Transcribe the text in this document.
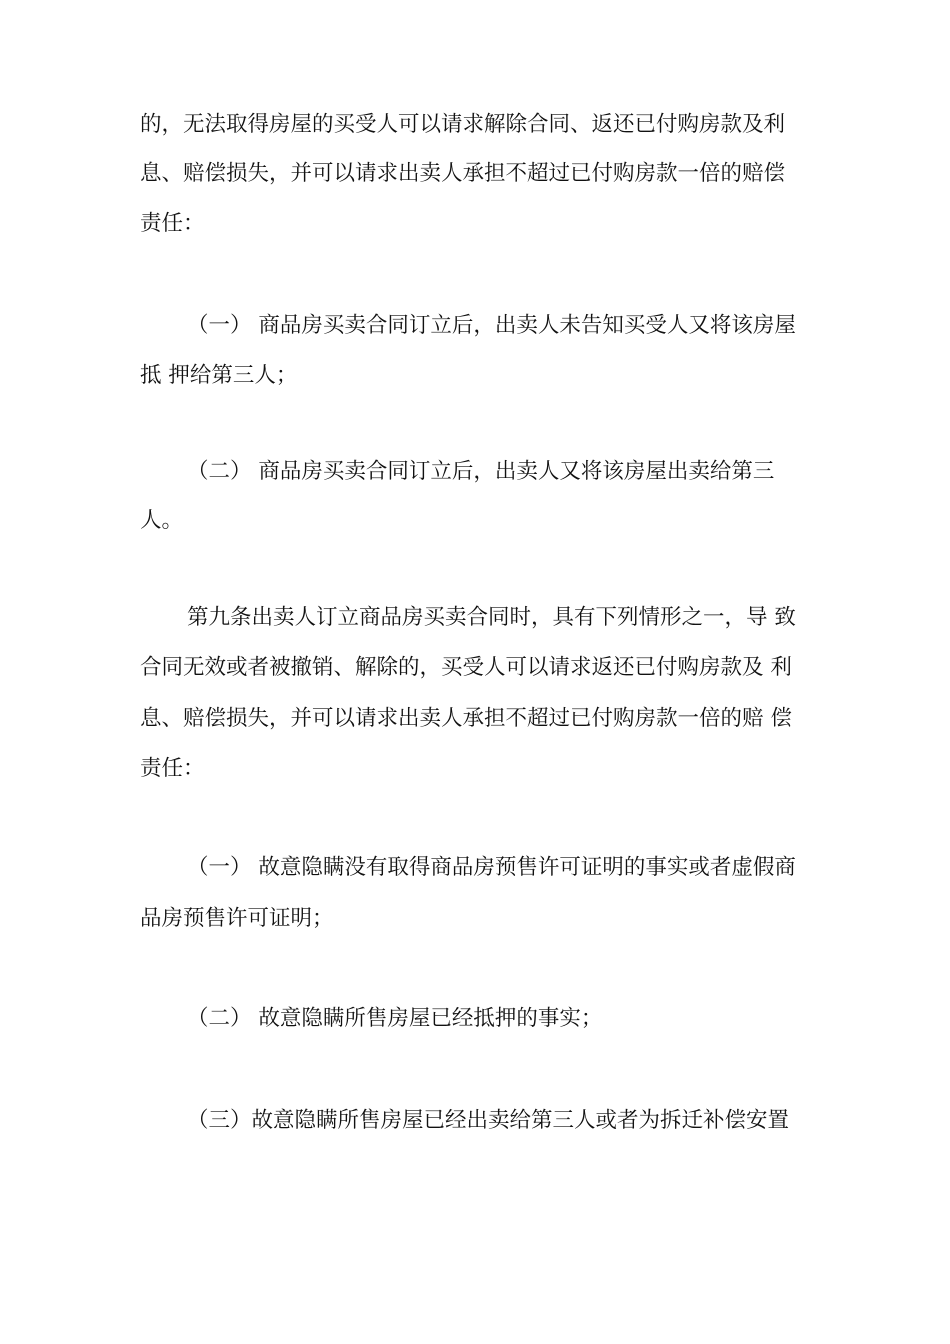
的，无法取得房屋的买受人可以请求解除合同、返还已付购房款及利
息、赔偿损失，并可以请求出卖人承担不超过已付购房款一倍的赔偿
责任：
（一） 商品房买卖合同订立后，出卖人未告知买受人又将该房屋
抵 押给第三人；
（二） 商品房买卖合同订立后，出卖人又将该房屋出卖给第三
人。
第九条出卖人订立商品房买卖合同时，具有下列情形之一，导 致
合同无效或者被撤销、解除的，买受人可以请求返还已付购房款及 利
息、赔偿损失，并可以请求出卖人承担不超过已付购房款一倍的赔 偿
责任：
（一） 故意隐瞒没有取得商品房预售许可证明的事实或者虚假商
品房预售许可证明；
（二） 故意隐瞒所售房屋已经抵押的事实；
（三）故意隐瞒所售房屋已经出卖给第三人或者为拆迁补偿安置
